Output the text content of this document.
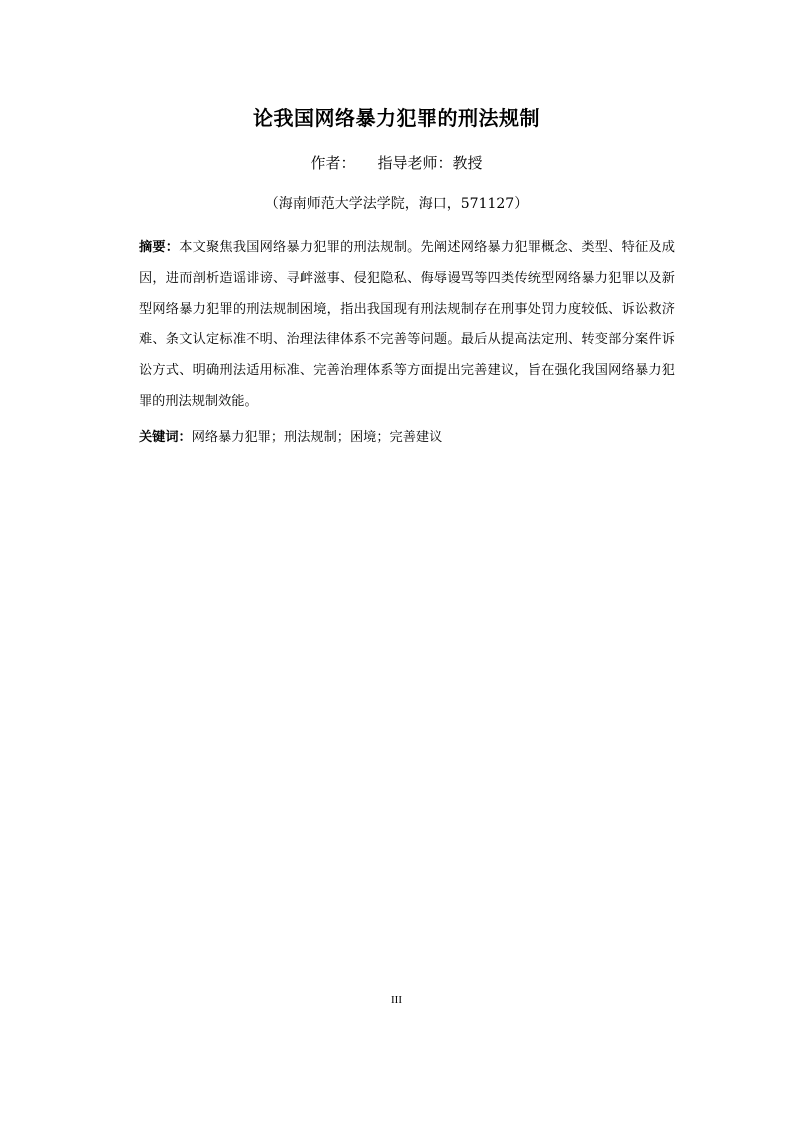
论我国网络暴力犯罪的刑法规制
作者： 指导老师：教授
（海南师范大学法学院，海口，571127）
摘要：本文聚焦我国网络暴力犯罪的刑法规制。先阐述网络暴力犯罪概念、类型、特征及成因，进而剖析造谣诽谤、寻衅滋事、侵犯隐私、侮辱谩骂等四类传统型网络暴力犯罪以及新型网络暴力犯罪的刑法规制困境，指出我国现有刑法规制存在刑事处罚力度较低、诉讼救济难、条文认定标准不明、治理法律体系不完善等问题。最后从提高法定刑、转变部分案件诉讼方式、明确刑法适用标准、完善治理体系等方面提出完善建议，旨在强化我国网络暴力犯罪的刑法规制效能。
关键词：网络暴力犯罪；刑法规制；困境；完善建议
III
